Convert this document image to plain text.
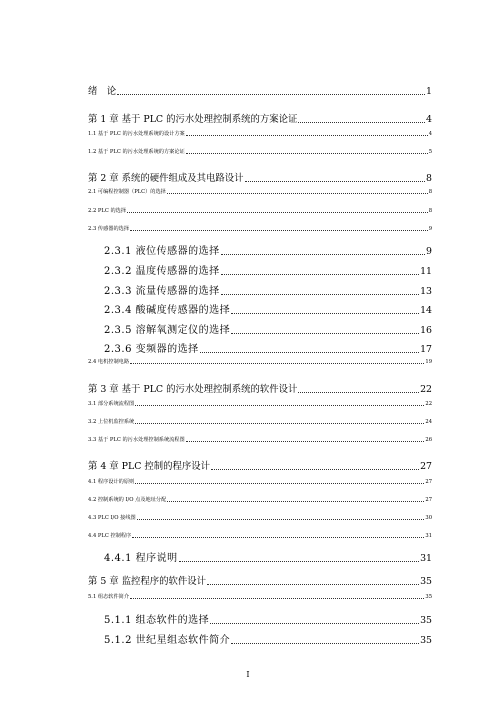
绪　论	1
第 1 章 基于 PLC 的污水处理控制系统的方案论证	4
1.1 基于 PLC 的污水处理系统的设计方案	4
1.2 基于 PLC 的污水处理系统的方案论证	5
第 2 章 系统的硬件组成及其电路设计	8
2.1 可编程控制器（PLC）的选择	8
2.2 PLC 的选择	8
2.3 传感器的选择	9
2.3.1 液位传感器的选择	9
2.3.2 温度传感器的选择	11
2.3.3 流量传感器的选择	13
2.3.4 酸碱度传感器的选择	14
2.3.5 溶解氧测定仪的选择	16
2.3.6 变频器的选择	17
2.4 电机控制电路	19
第 3 章 基于 PLC 的污水处理控制系统的软件设计	22
3.1 部分系统流程图	22
3.2 上位机监控系统	24
3.3 基于 PLC 的污水处理控制系统流程图	26
第 4 章 PLC 控制的程序设计	27
4.1 程序设计的原则	27
4.2 控制系统的 I/O 点及地址分配	27
4.3 PLC I/O 接线图	30
4.4 PLC 控制程序	31
4.4.1 程序说明	31
第 5 章 监控程序的软件设计	35
5.1 组态软件简介	35
5.1.1 组态软件的选择	35
5.1.2 世纪星组态软件简介	35
I
